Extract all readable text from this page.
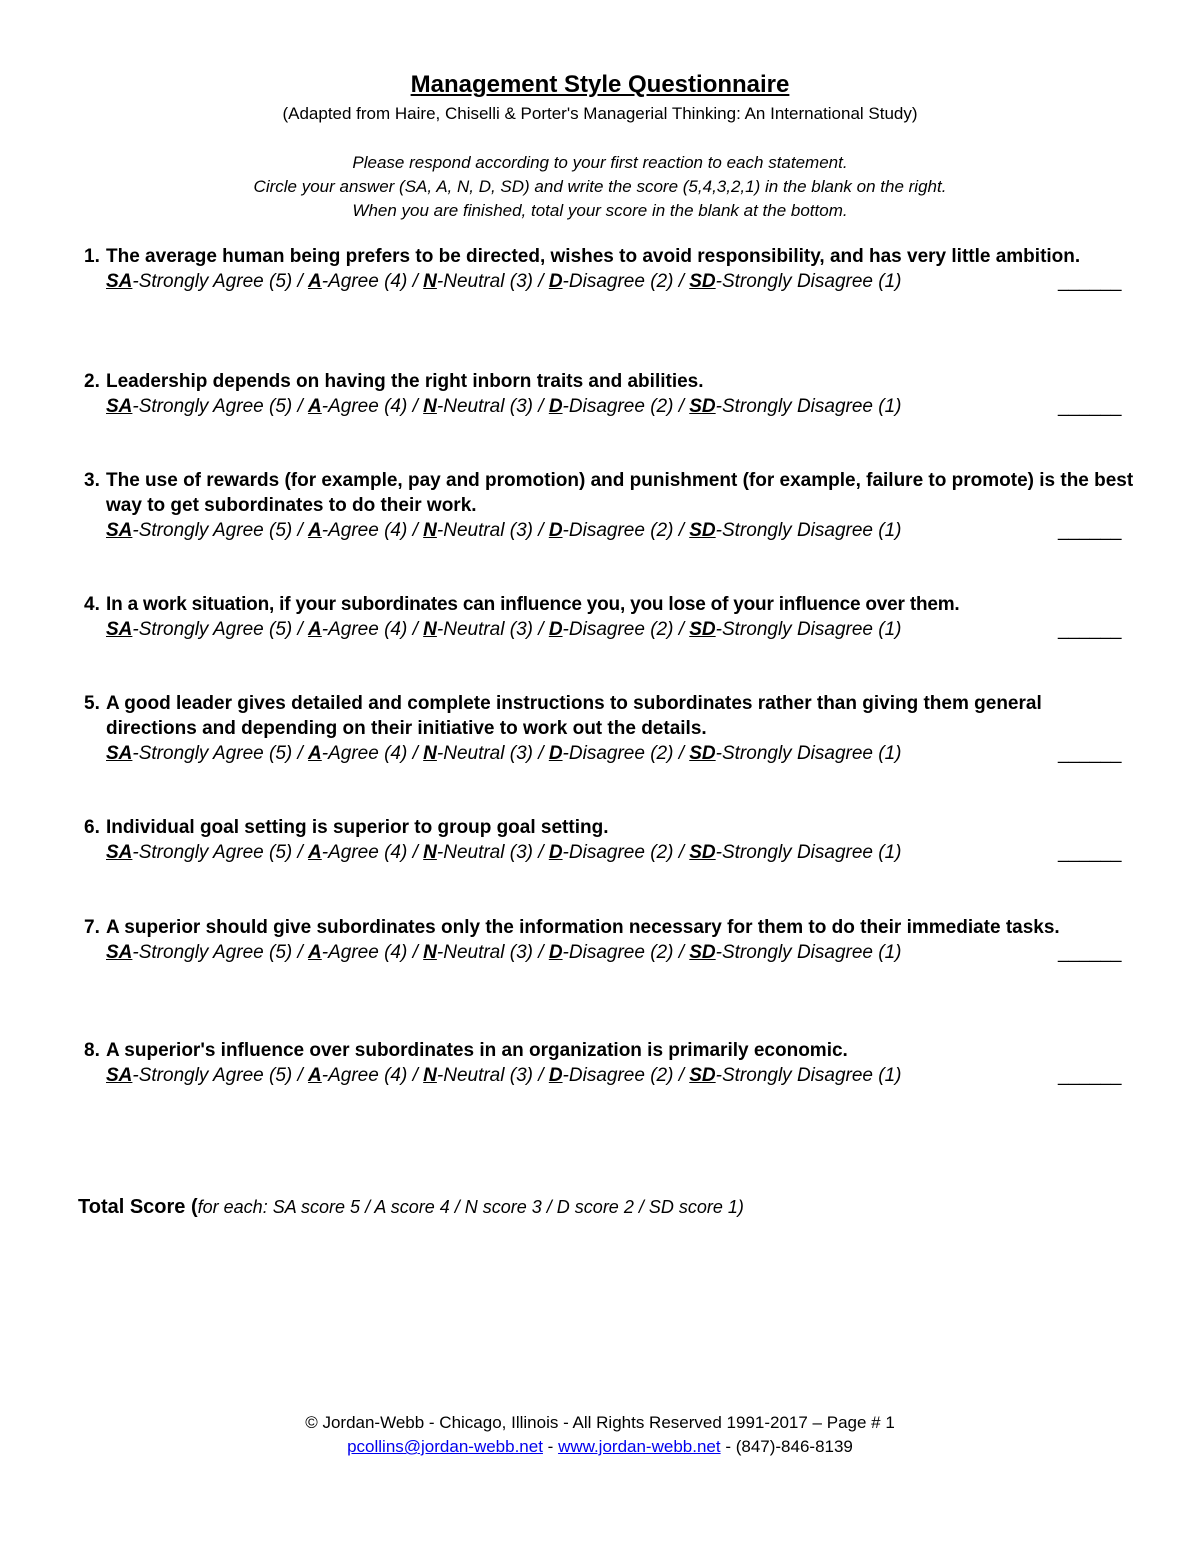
Management Style Questionnaire
(Adapted from Haire, Chiselli & Porter's Managerial Thinking: An International Study)
Please respond according to your first reaction to each statement.
Circle your answer (SA, A, N, D, SD) and write the score (5,4,3,2,1) in the blank on the right.
When you are finished, total your score in the blank at the bottom.
1. The average human being prefers to be directed, wishes to avoid responsibility, and has very little ambition.
SA-Strongly Agree (5) / A-Agree (4) / N-Neutral (3) / D-Disagree (2) / SD-Strongly Disagree (1)	______
2. Leadership depends on having the right inborn traits and abilities.
SA-Strongly Agree (5) / A-Agree (4) / N-Neutral (3) / D-Disagree (2) / SD-Strongly Disagree (1)	______
3. The use of rewards (for example, pay and promotion) and punishment (for example, failure to promote) is the best way to get subordinates to do their work.
SA-Strongly Agree (5) / A-Agree (4) / N-Neutral (3) / D-Disagree (2) / SD-Strongly Disagree (1)	______
4. In a work situation, if your subordinates can influence you, you lose of your influence over them.
SA-Strongly Agree (5) / A-Agree (4) / N-Neutral (3) / D-Disagree (2) / SD-Strongly Disagree (1)	______
5. A good leader gives detailed and complete instructions to subordinates rather than giving them general directions and depending on their initiative to work out the details.
SA-Strongly Agree (5) / A-Agree (4) / N-Neutral (3) / D-Disagree (2) / SD-Strongly Disagree (1)	______
6. Individual goal setting is superior to group goal setting.
SA-Strongly Agree (5) / A-Agree (4) / N-Neutral (3) / D-Disagree (2) / SD-Strongly Disagree (1)	______
7. A superior should give subordinates only the information necessary for them to do their immediate tasks.
SA-Strongly Agree (5) / A-Agree (4) / N-Neutral (3) / D-Disagree (2) / SD-Strongly Disagree (1)	______
8. A superior's influence over subordinates in an organization is primarily economic.
SA-Strongly Agree (5) / A-Agree (4) / N-Neutral (3) / D-Disagree (2) / SD-Strongly Disagree (1)	______
Total Score (for each: SA score 5 / A score 4 / N score 3 / D score 2 / SD score 1)
© Jordan-Webb - Chicago, Illinois - All Rights Reserved 1991-2017 – Page # 1
pcollins@jordan-webb.net - www.jordan-webb.net - (847)-846-8139
